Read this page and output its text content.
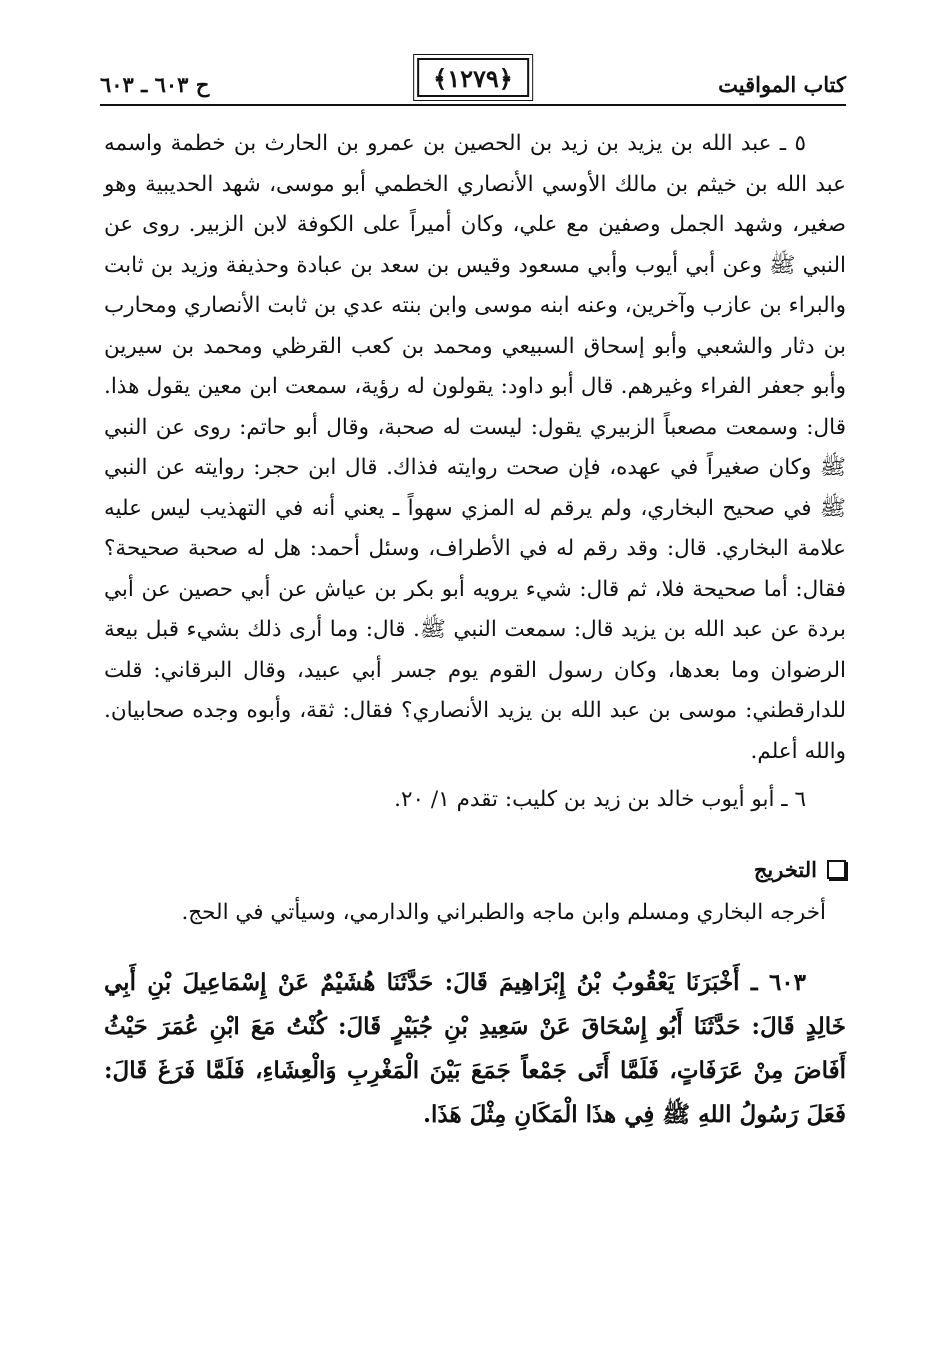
كتاب المواقيت
﴿١٢٧٩﴾
ح ٦٠٣ ـ ٦٠٣

٥ ـ عبد الله بن يزيد بن زيد بن الحصين بن عمرو بن الحارث بن خطمة واسمه عبد الله بن خيثم بن مالك الأوسي الأنصاري الخطمي أبو موسى، شهد الحديبية وهو صغير، وشهد الجمل وصفين مع علي، وكان أميراً على الكوفة لابن الزبير. روى عن النبي ﷺ وعن أبي أيوب وأبي مسعود وقيس بن سعد بن عبادة وحذيفة وزيد بن ثابت والبراء بن عازب وآخرين، وعنه ابنه موسى وابن بنته عدي بن ثابت الأنصاري ومحارب بن دثار والشعبي وأبو إسحاق السبيعي ومحمد بن كعب القرظي ومحمد بن سيرين وأبو جعفر الفراء وغيرهم. قال أبو داود: يقولون له رؤية، سمعت ابن معين يقول هذا. قال: وسمعت مصعباً الزبيري يقول: ليست له صحبة، وقال أبو حاتم: روى عن النبي ﷺ وكان صغيراً في عهده، فإن صحت روايته فذاك. قال ابن حجر: روايته عن النبي ﷺ في صحيح البخاري، ولم يرقم له المزي سهواً ـ يعني أنه في التهذيب ليس عليه علامة البخاري. قال: وقد رقم له في الأطراف، وسئل أحمد: هل له صحبة صحيحة؟ فقال: أما صحيحة فلا، ثم قال: شيء يرويه أبو بكر بن عياش عن أبي حصين عن أبي بردة عن عبد الله بن يزيد قال: سمعت النبي ﷺ. قال: وما أرى ذلك بشيء قبل بيعة الرضوان وما بعدها، وكان رسول القوم يوم جسر أبي عبيد، وقال البرقاني: قلت للدارقطني: موسى بن عبد الله بن يزيد الأنصاري؟ فقال: ثقة، وأبوه وجده صحابيان. والله أعلم.

٦ ـ أبو أيوب خالد بن زيد بن كليب: تقدم ١/ ٢٠.

التخريج

أخرجه البخاري ومسلم وابن ماجه والطبراني والدارمي، وسيأتي في الحج.

٦٠٣ ـ أَخْبَرَنَا يَعْقُوبُ بْنُ إِبْرَاهِيمَ قَالَ: حَدَّثَنَا هُشَيْمٌ عَنْ إِسْمَاعِيلَ بْنِ أَبِي خَالِدٍ قَالَ: حَدَّثَنَا أَبُو إِسْحَاقَ عَنْ سَعِيدِ بْنِ جُبَيْرٍ قَالَ: كُنْتُ مَعَ ابْنِ عُمَرَ حَيْثُ أَفَاضَ مِنْ عَرَفَاتٍ، فَلَمَّا أَتَى جَمْعاً جَمَعَ بَيْنَ الْمَغْرِبِ وَالْعِشَاءِ، فَلَمَّا فَرَغَ قَالَ: فَعَلَ رَسُولُ اللهِ ﷺ فِي هذَا الْمَكَانِ مِثْلَ هَذَا.
